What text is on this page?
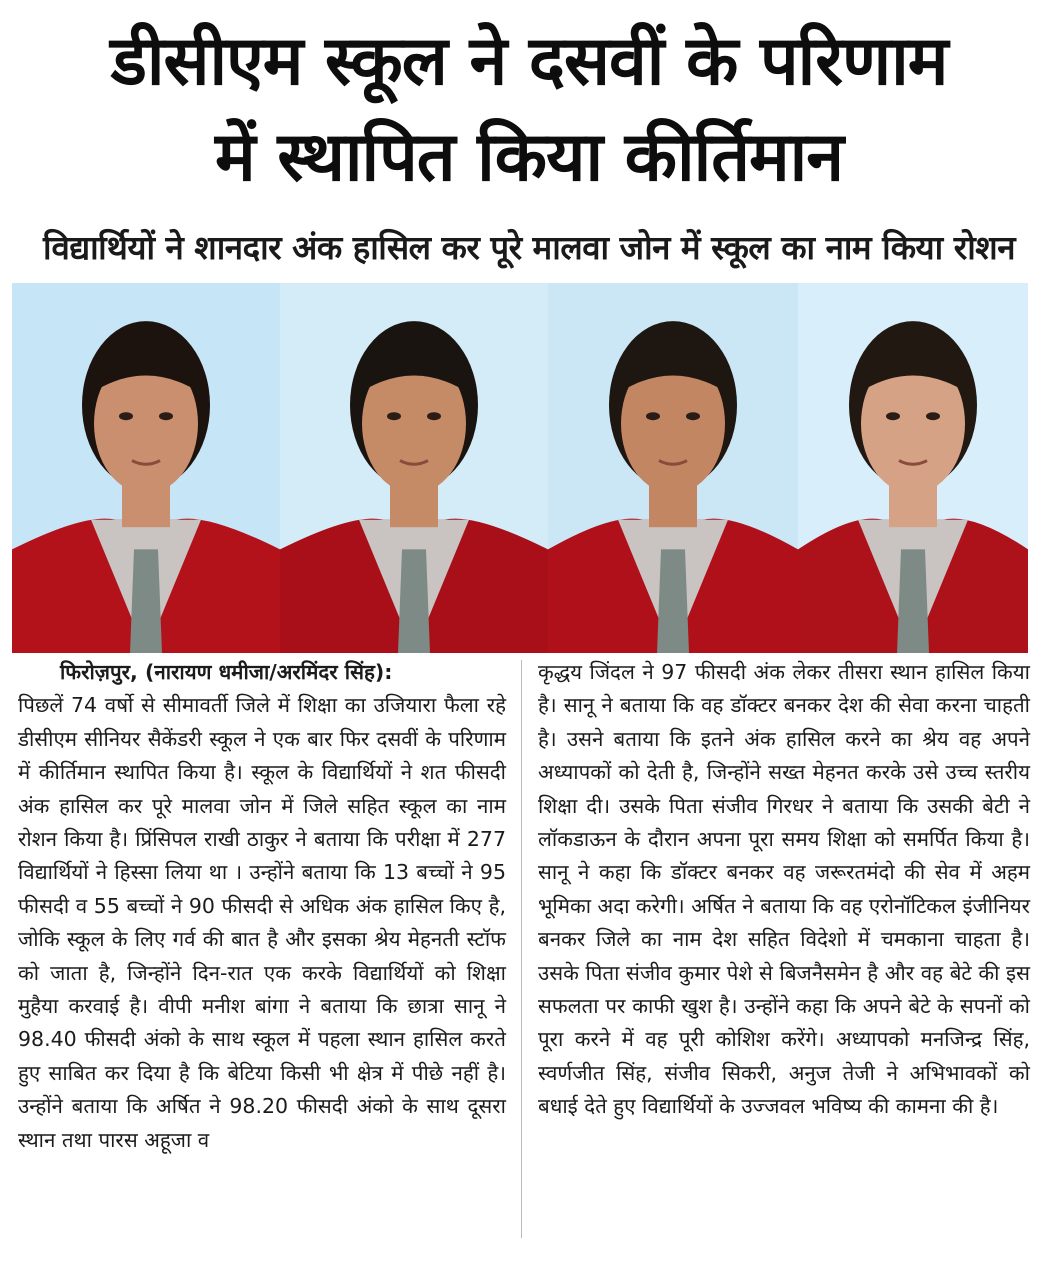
डीसीएम स्कूल ने दसवीं के परिणाम
में स्थापित किया कीर्तिमान
विद्यार्थियों ने शानदार अंक हासिल कर पूरे मालवा जोन में स्कूल का नाम किया रोशन
फिरोज़पुर, (नारायण धमीजा/अरमिंदर सिंह):
पिछलें 74 वर्षो से सीमावर्ती जिले में शिक्षा का उजियारा फैला रहे डीसीएम सीनियर सैकेंडरी स्कूल ने एक बार फिर दसवीं के परिणाम में कीर्तिमान स्थापित किया है। स्कूल के विद्यार्थियों ने शत फीसदी अंक हासिल कर पूरे मालवा जोन में जिले सहित स्कूल का नाम रोशन किया है। प्रिंसिपल राखी ठाकुर ने बताया कि परीक्षा में 277 विद्यार्थियों ने हिस्सा लिया था । उन्होंने बताया कि 13 बच्चों ने 95 फीसदी व 55 बच्चों ने 90 फीसदी से अधिक अंक हासिल किए है, जोकि स्कूल के लिए गर्व की बात है और इसका श्रेय मेहनती स्टॉफ को जाता है, जिन्होंने दिन-रात एक करके विद्यार्थियों को शिक्षा मुहैया करवाई है। वीपी मनीश बांगा ने बताया कि छात्रा सानू ने 98.40 फीसदी अंको के साथ स्कूल में पहला स्थान हासिल करते हुए साबित कर दिया है कि बेटिया किसी भी क्षेत्र में पीछे नहीं है। उन्होंने बताया कि अर्षित ने 98.20 फीसदी अंको के साथ दूसरा स्थान तथा पारस अहूजा व
कृद्धय जिंदल ने 97 फीसदी अंक लेकर तीसरा स्थान हासिल किया है। सानू ने बताया कि वह डॉक्टर बनकर देश की सेवा करना चाहती है। उसने बताया कि इतने अंक हासिल करने का श्रेय वह अपने अध्यापकों को देती है, जिन्होंने सख्त मेहनत करके उसे उच्च स्तरीय शिक्षा दी। उसके पिता संजीव गिरधर ने बताया कि उसकी बेटी ने लॉकडाऊन के दौरान अपना पूरा समय शिक्षा को समर्पित किया है। सानू ने कहा कि डॉक्टर बनकर वह जरूरतमंदो की सेव में अहम भूमिका अदा करेगी। अर्षित ने बताया कि वह एरोनॉटिकल इंजीनियर बनकर जिले का नाम देश सहित विदेशो में चमकाना चाहता है। उसके पिता संजीव कुमार पेशे से बिजनैसमेन है और वह बेटे की इस सफलता पर काफी खुश है। उन्होंने कहा कि अपने बेटे के सपनों को पूरा करने में वह पूरी कोशिश करेंगे। अध्यापको मनजिन्द्र सिंह, स्वर्णजीत सिंह, संजीव सिकरी, अनुज तेजी ने अभिभावकों को बधाई देते हुए विद्यार्थियों के उज्जवल भविष्य की कामना की है।
